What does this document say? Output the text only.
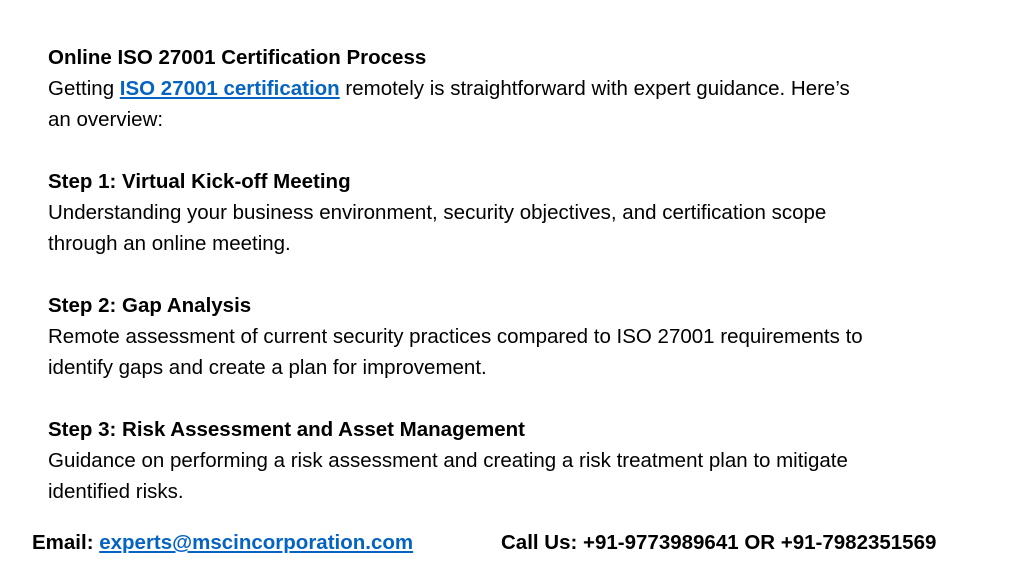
Online ISO 27001 Certification Process
Getting ISO 27001 certification remotely is straightforward with expert guidance. Here’s
an overview:
Step 1: Virtual Kick-off Meeting
Understanding your business environment, security objectives, and certification scope
through an online meeting.
Step 2: Gap Analysis
Remote assessment of current security practices compared to ISO 27001 requirements to
identify gaps and create a plan for improvement.
Step 3: Risk Assessment and Asset Management
Guidance on performing a risk assessment and creating a risk treatment plan to mitigate
identified risks.
Email: experts@mscincorporation.com	Call Us: +91-9773989641 OR +91-7982351569
